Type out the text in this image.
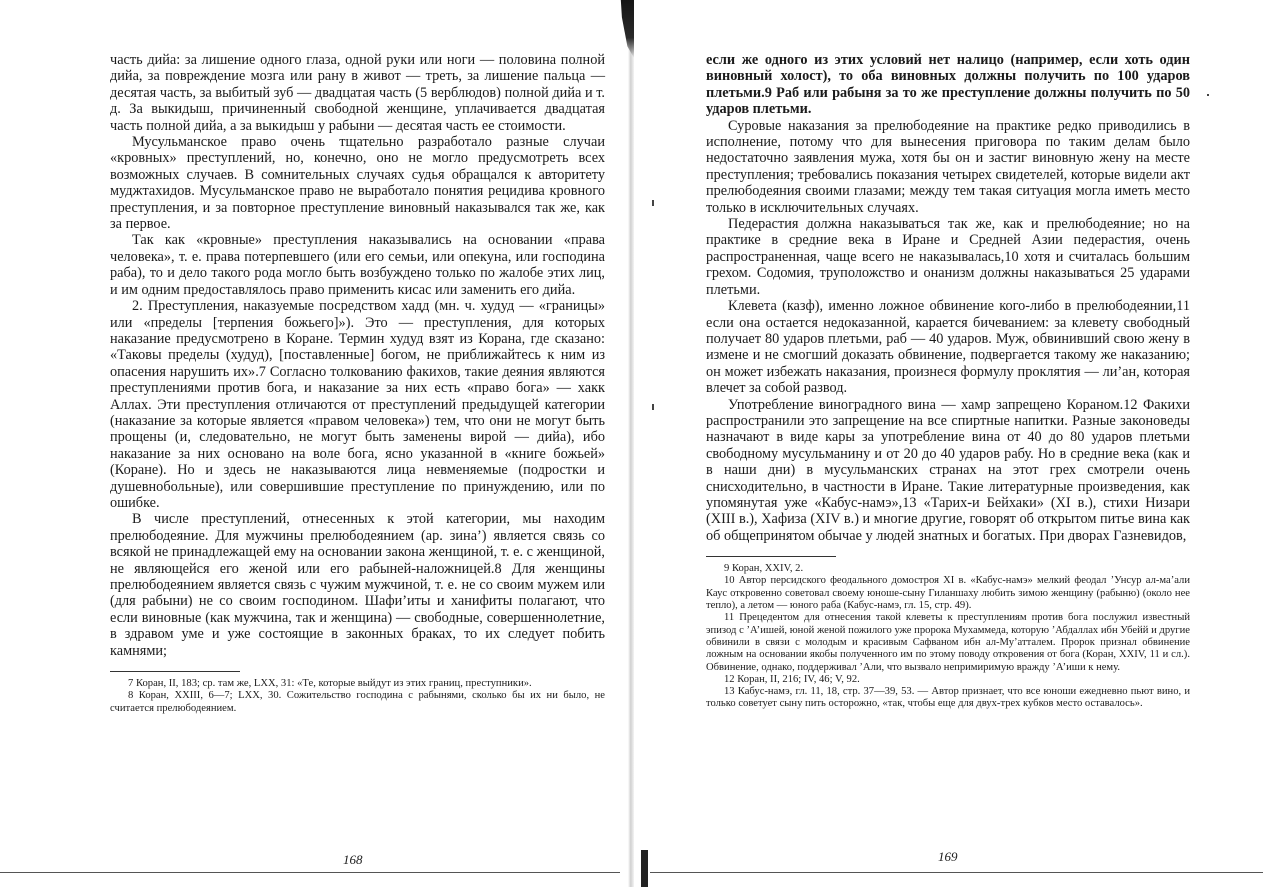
часть дийа: за лишение одного глаза, одной руки или ноги — половина полной дийа, за повреждение мозга или рану в живот — треть, за лишение пальца — десятая часть, за выбитый зуб — двадцатая часть (5 верблюдов) полной дийа и т. д. За выкидыш, причиненный свободной женщине, уплачивается двадцатая часть полной дийа, а за выкидыш у рабыни — десятая часть ее стоимости.

Мусульманское право очень тщательно разработало разные случаи «кровных» преступлений, но, конечно, оно не могло предусмотреть всех возможных случаев. В сомнительных случаях судья обращался к авторитету муджтахидов. Мусульманское право не выработало понятия рецидива кровного преступления, и за повторное преступление виновный наказывался так же, как за первое.

Так как «кровные» преступления наказывались на основании «права человека», т. е. права потерпевшего (или его семьи, или опекуна, или господина раба), то и дело такого рода могло быть возбуждено только по жалобе этих лиц, и им одним предоставлялось право применить кисас или заменить его дийа.

2. Преступления, наказуемые посредством хадд (мн. ч. худуд — «границы» или «пределы [терпения божьего]»). Это — преступления, для которых наказание предусмотрено в Коране. Термин худуд взят из Корана, где сказано: «Таковы пределы (худуд), [поставленные] богом, не приближайтесь к ним из опасения нарушить их».7 Согласно толкованию факихов, такие деяния являются преступлениями против бога, и наказание за них есть «право бога» — хакк Аллах. Эти преступления отличаются от преступлений предыдущей категории (наказание за которые является «правом человека») тем, что они не могут быть прощены (и, следовательно, не могут быть заменены вирой — дийа), ибо наказание за них основано на воле бога, ясно указанной в «книге божьей» (Коране). Но и здесь не наказываются лица невменяемые (подростки и душевнобольные), или совершившие преступление по принуждению, или по ошибке.

В числе преступлений, отнесенных к этой категории, мы находим прелюбодеяние. Для мужчины прелюбодеянием (ар. зина’) является связь со всякой не принадлежащей ему на основании закона женщиной, т. е. с женщиной, не являющейся его женой или его рабыней-наложницей.8 Для женщины прелюбодеянием является связь с чужим мужчиной, т. е. не со своим мужем или (для рабыни) не со своим господином. Шафи’иты и ханифиты полагают, что если виновные (как мужчина, так и женщина) — свободные, совершеннолетние, в здравом уме и уже состоящие в законных браках, то их следует побить камнями;

7 Коран, II, 183; ср. там же, LXX, 31: «Те, которые выйдут из этих границ, преступники».

8 Коран, XXIII, 6—7; LXX, 30. Сожительство господина с рабынями, сколько бы их ни было, не считается прелюбодеянием.

168

если же одного из этих условий нет налицо (например, если хоть один виновный холост), то оба виновных должны получить по 100 ударов плетьми.9 Раб или рабыня за то же преступление должны получить по 50 ударов плетьми.

Суровые наказания за прелюбодеяние на практике редко приводились в исполнение, потому что для вынесения приговора по таким делам было недостаточно заявления мужа, хотя бы он и застиг виновную жену на месте преступления; требовались показания четырех свидетелей, которые видели акт прелюбодеяния своими глазами; между тем такая ситуация могла иметь место только в исключительных случаях.

Педерастия должна наказываться так же, как и прелюбодеяние; но на практике в средние века в Иране и Средней Азии педерастия, очень распространенная, чаще всего не наказывалась,10 хотя и считалась большим грехом. Содомия, труположство и онанизм должны наказываться 25 ударами плетьми.

Клевета (казф), именно ложное обвинение кого-либо в прелюбодеянии,11 если она остается недоказанной, карается бичеванием: за клевету свободный получает 80 ударов плетьми, раб — 40 ударов. Муж, обвинивший свою жену в измене и не смогший доказать обвинение, подвергается такому же наказанию; он может избежать наказания, произнеся формулу проклятия — ли’ан, которая влечет за собой развод.

Употребление виноградного вина — хамр запрещено Кораном.12 Факихи распространили это запрещение на все спиртные напитки. Разные законоведы назначают в виде кары за употребление вина от 40 до 80 ударов плетьми свободному мусульманину и от 20 до 40 ударов рабу. Но в средние века (как и в наши дни) в мусульманских странах на этот грех смотрели очень снисходительно, в частности в Иране. Такие литературные произведения, как упомянутая уже «Кабус-намэ»,13 «Тарих-и Бейхаки» (XI в.), стихи Низари (XIII в.), Хафиза (XIV в.) и многие другие, говорят об открытом питье вина как об общепринятом обычае у людей знатных и богатых. При дворах Газневидов,

9 Коран, XXIV, 2.

10 Автор персидского феодального домостроя XI в. «Кабус-намэ» мелкий феодал ’Унсур ал-ма’али Каус откровенно советовал своему юноше-сыну Гиланшаху любить зимою женщину (рабыню) (около нее тепло), а летом — юного раба (Кабус-намэ, гл. 15, стр. 49).

11 Прецедентом для отнесения такой клеветы к преступлениям против бога послужил известный эпизод с ’А’ишей, юной женой пожилого уже пророка Мухаммеда, которую ’Абдаллах ибн Убейй и другие обвинили в связи с молодым и красивым Сафваном ибн ал-Му’атталем. Пророк признал обвинение ложным на основании якобы полученного им по этому поводу откровения от бога (Коран, XXIV, 11 и сл.). Обвинение, однако, поддерживал ’Али, что вызвало непримиримую вражду ’А’иши к нему.

12 Коран, II, 216; IV, 46; V, 92.

13 Кабус-намэ, гл. 11, 18, стр. 37—39, 53. — Автор признает, что все юноши ежедневно пьют вино, и только советует сыну пить осторожно, «так, чтобы еще для двух-трех кубков место оставалось».

169
